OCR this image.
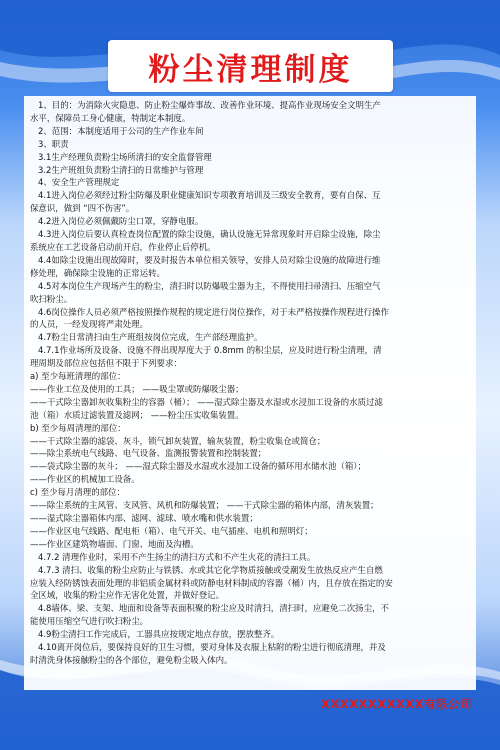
粉尘清理制度
1、目的：为消除火灾隐患、防止粉尘爆炸事故、改善作业环境、提高作业现场安全文明生产
水平，保障员工身心健康，特制定本制度。
2、范围：本制度适用于公司的生产作业车间
3、职责
3.1生产经理负责粉尘场所清扫的安全监督管理
3.2生产班组负责粉尘清扫的日常维护与管理
4、安全生产管理规定
4.1进入岗位必须经过粉尘防爆及职业健康知识专项教育培训及三级安全教育，要有自保、互
保意识，做到 “四不伤害”。
4.2进入岗位必须佩戴防尘口罩，穿静电服。
4.3进入岗位后要认真检查岗位配置的除尘设施，确认设施无异常现象时开启除尘设施，除尘
系统应在工艺设备启动前开启，作业停止后停机。
4.4如除尘设施出现故障时，要及时报告本单位相关领导，安排人员对除尘设施的故障进行维
修处理，确保除尘设施的正常运转。
4.5对本岗位生产现场产生的粉尘，清扫时以防爆吸尘器为主，不得使用扫帚清扫、压缩空气
吹扫粉尘。
4.6岗位操作人员必须严格按照操作规程的规定进行岗位操作，对于未严格按操作规程进行操作
的人员，一经发现将严肃处理。
4.7粉尘日常清扫由生产班组按岗位完成，生产部经理监护。
4.7.1作业场所及设备、设施不得出现厚度大于 0.8mm 的积尘层，应及时进行粉尘清理，清
理周期及部位应包括但不限于下列要求：
a) 至少每班清理的部位：
——作业工位及使用的工具； ——吸尘罩或防爆吸尘器；
——干式除尘器卸灰收集粉尘的容器（桶）； ——湿式除尘器及水湿或水浸加工设备的水质过滤
池（箱）水质过滤装置及滤网； ——粉尘压实收集装置。
b) 至少每周清理的部位：
——干式除尘器的滤袋、灰斗，锁气卸灰装置，输灰装置，粉尘收集仓或简仓；
——除尘系统电气线路、电气设备、监测报警装置和控制装置；
——袋式除尘器的灰斗； ——湿式除尘器及水湿或水浸加工设备的循环用水储水池（箱）；
——作业区的机械加工设备。
c) 至少每月清理的部位：
——除尘系统的主风管、支风管、风机和防爆装置； ——干式除尘器的箱体内部，清灰装置；
——湿式除尘器箱体内部、滤网、滤球、喷水嘴和供水装置；
——作业区电气线路、配电柜（箱）、电气开关、电气插座、电机和照明灯；
——作业区建筑物墙面、门窗、地面及沟槽。
4.7.2 清理作业时，采用不产生扬尘的清扫方式和不产生火花的清扫工具。
4.7.3 清扫、收集的粉尘应防止与铁锈、水或其它化学物质接触或受潮发生放热反应产生自燃
应装入经防锈蚀表面处理的非铝质金属材料或防静电材料制成的容器（桶）内，且存放在指定的安
全区域，收集的粉尘应作无害化处置，并做好登记。
4.8墙体、梁、支架、地面和设备等表面积聚的粉尘应及时清扫，清扫时，应避免二次扬尘，不
能使用压缩空气进行吹扫粉尘。
4.9粉尘清扫工作完成后，工器具应按规定地点存放，摆放整齐。
4.10离开岗位后，要保持良好的卫生习惯，要对身体及衣服上粘附的粉尘进行彻底清理，并及
时清洗身体接触粉尘的各个部位，避免粉尘吸入体内。
XXXXXXXXXXX有限公司
